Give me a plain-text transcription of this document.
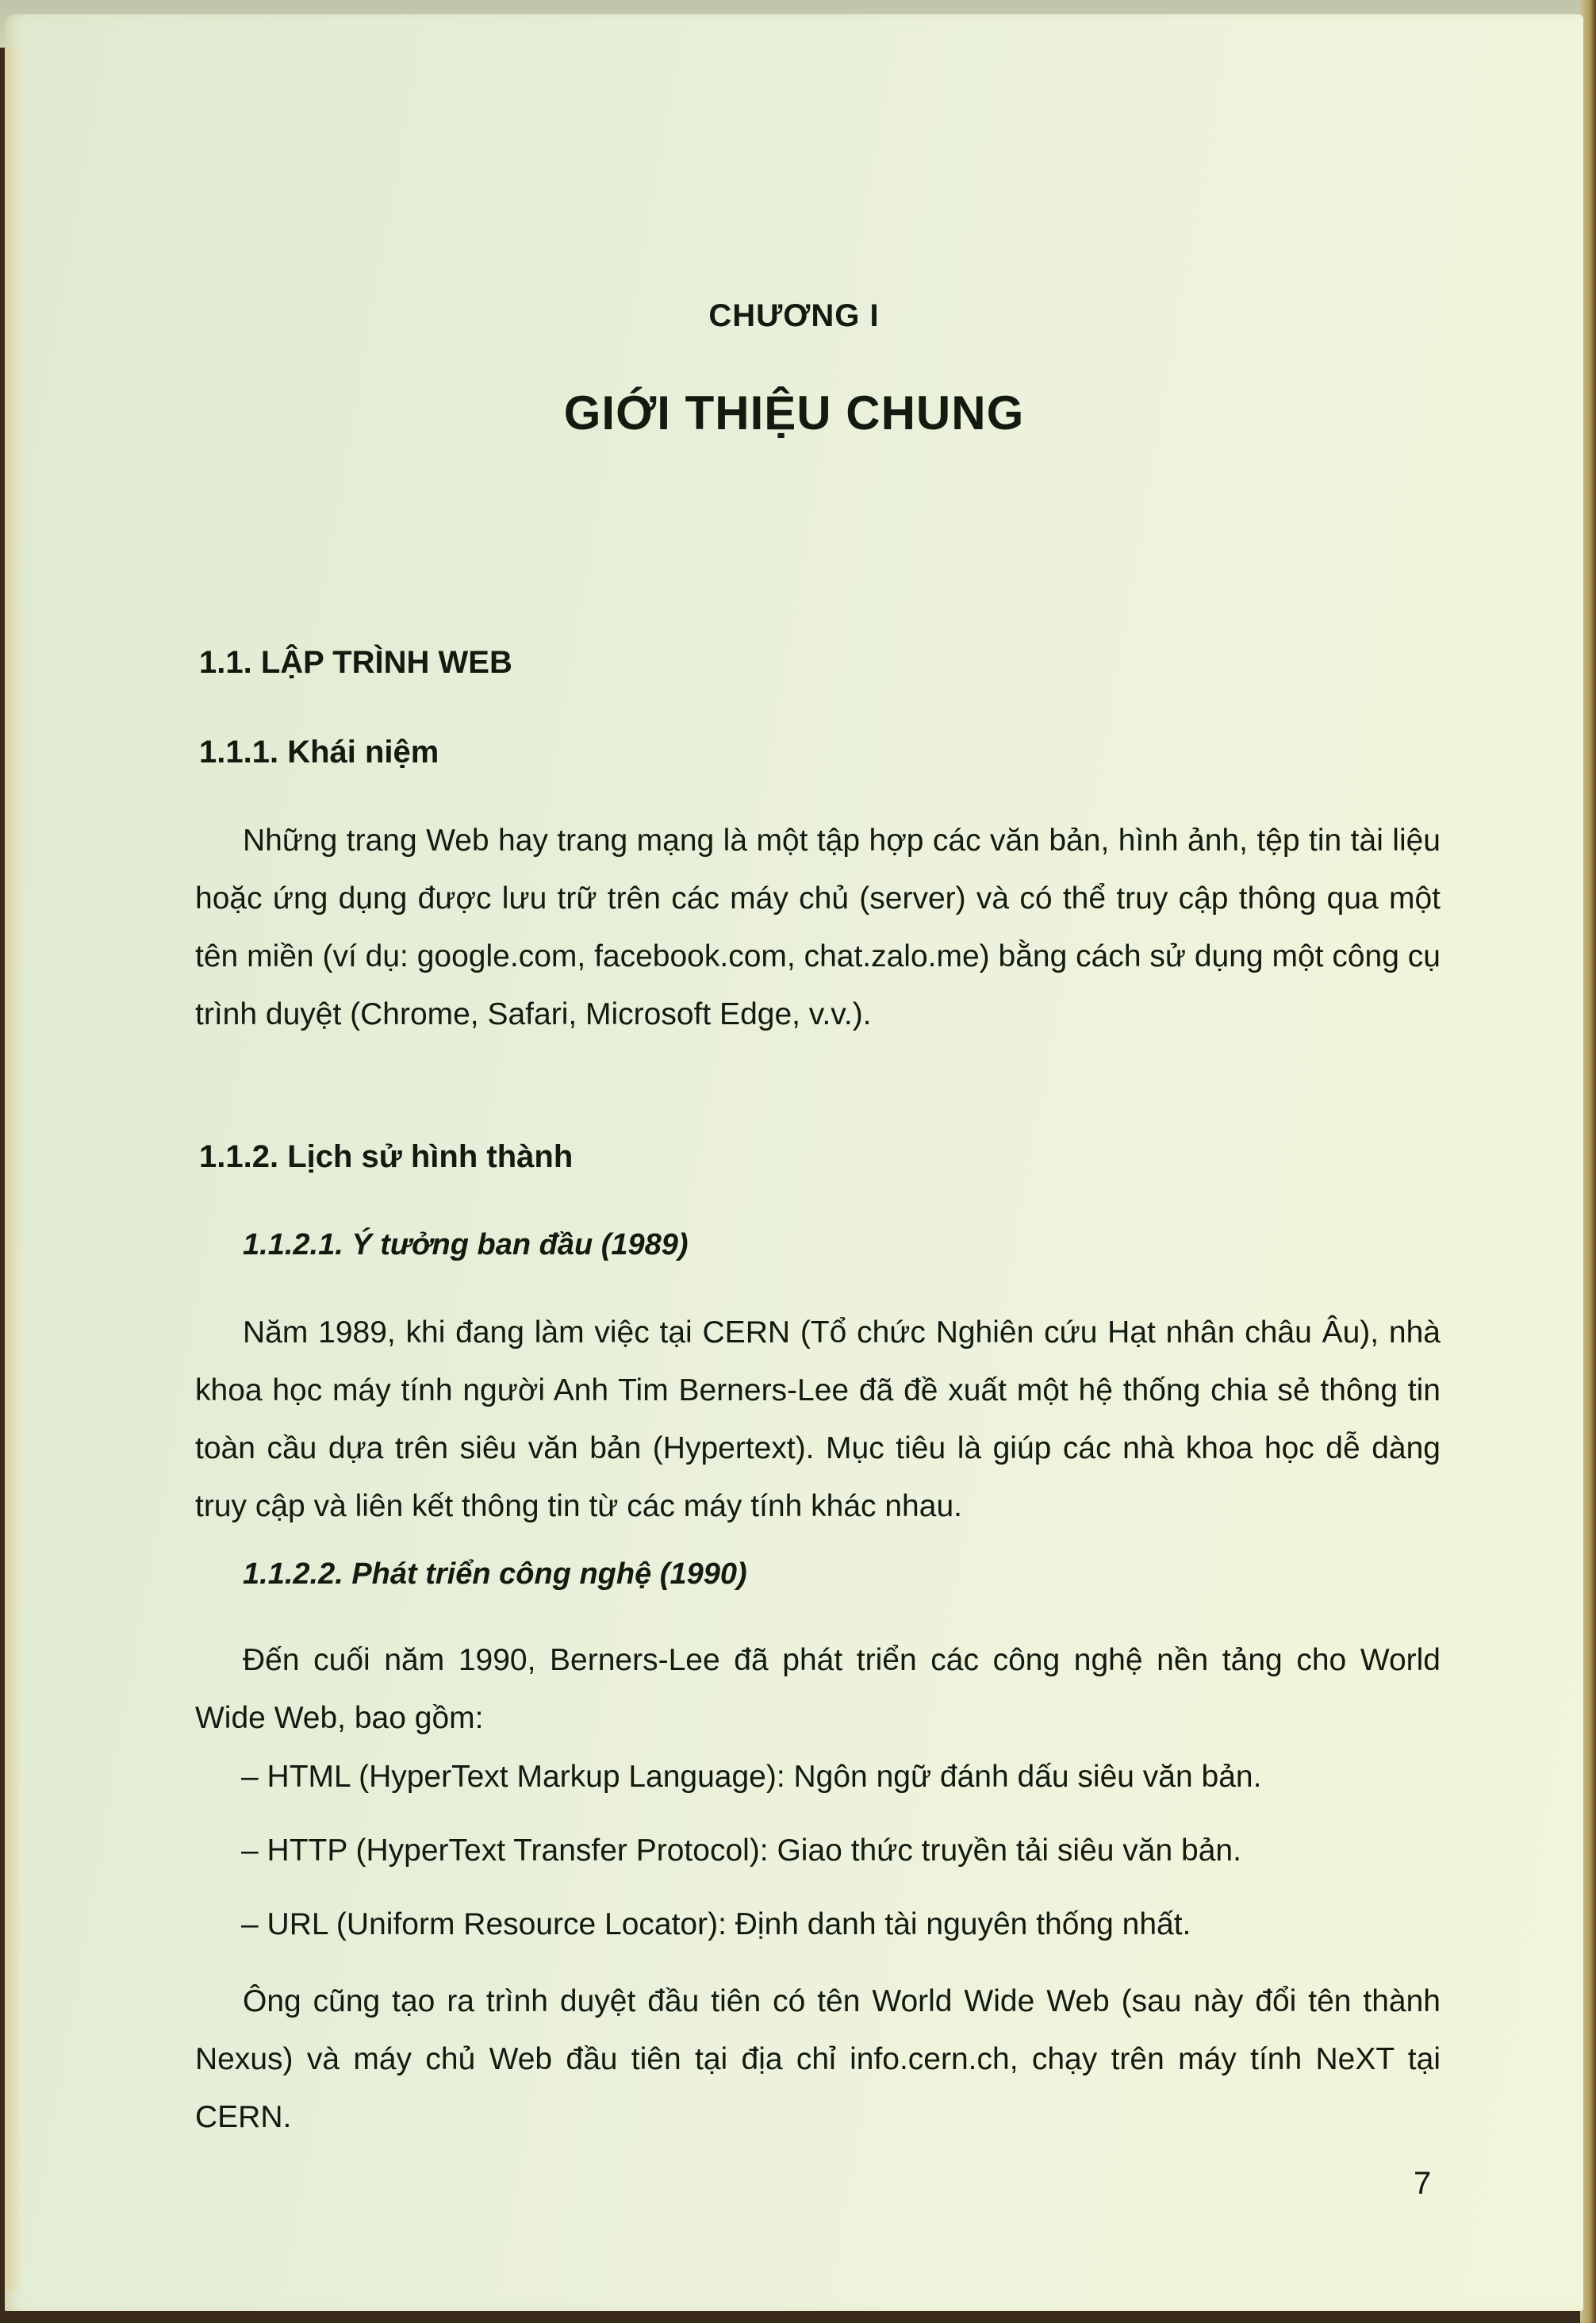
CHƯƠNG I
GIỚI THIỆU CHUNG
1.1. LẬP TRÌNH WEB
1.1.1. Khái niệm

Những trang Web hay trang mạng là một tập hợp các văn bản, hình ảnh, tệp tin tài liệu hoặc ứng dụng được lưu trữ trên các máy chủ (server) và có thể truy cập thông qua một tên miền (ví dụ: google.com, facebook.com, chat.zalo.me) bằng cách sử dụng một công cụ trình duyệt (Chrome, Safari, Microsoft Edge, v.v.).

1.1.2. Lịch sử hình thành
1.1.2.1. Ý tưởng ban đầu (1989)

Năm 1989, khi đang làm việc tại CERN (Tổ chức Nghiên cứu Hạt nhân châu Âu), nhà khoa học máy tính người Anh Tim Berners-Lee đã đề xuất một hệ thống chia sẻ thông tin toàn cầu dựa trên siêu văn bản (Hypertext). Mục tiêu là giúp các nhà khoa học dễ dàng truy cập và liên kết thông tin từ các máy tính khác nhau.

1.1.2.2. Phát triển công nghệ (1990)

Đến cuối năm 1990, Berners-Lee đã phát triển các công nghệ nền tảng cho World Wide Web, bao gồm:

– HTML (HyperText Markup Language): Ngôn ngữ đánh dấu siêu văn bản.
– HTTP (HyperText Transfer Protocol): Giao thức truyền tải siêu văn bản.
– URL (Uniform Resource Locator): Định danh tài nguyên thống nhất.

Ông cũng tạo ra trình duyệt đầu tiên có tên World Wide Web (sau này đổi tên thành Nexus) và máy chủ Web đầu tiên tại địa chỉ info.cern.ch, chạy trên máy tính NeXT tại CERN.

7
